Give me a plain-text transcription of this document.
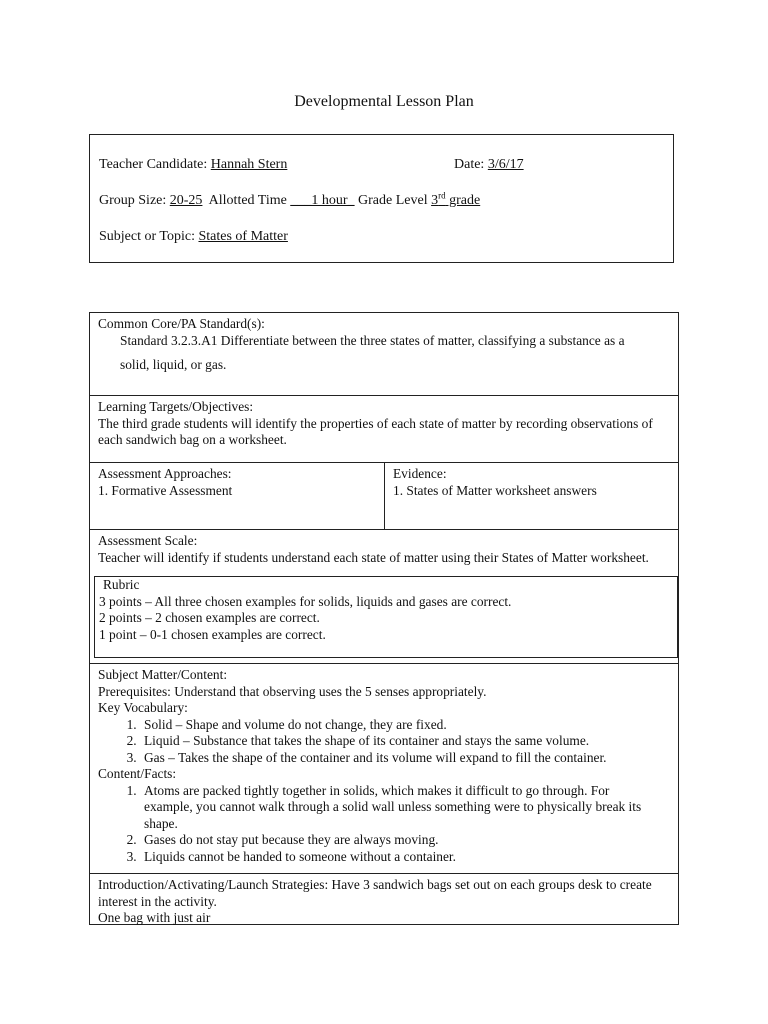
Developmental Lesson Plan
Teacher Candidate: Hannah Stern	Date: 3/6/17
Group Size: 20-25  Allotted Time ___1 hour_ Grade Level 3rd grade
Subject or Topic: States of Matter
Common Core/PA Standard(s):
Standard 3.2.3.A1 Differentiate between the three states of matter, classifying a substance as a
solid, liquid, or gas.
Learning Targets/Objectives:
The third grade students will identify the properties of each state of matter by recording observations of each sandwich bag on a worksheet.
Assessment Approaches:
1. Formative Assessment
Evidence:
1. States of Matter worksheet answers
Assessment Scale:
Teacher will identify if students understand each state of matter using their States of Matter worksheet.
Rubric
3 points – All three chosen examples for solids, liquids and gases are correct.
2 points – 2 chosen examples are correct.
1 point – 0-1 chosen examples are correct.
Subject Matter/Content:
Prerequisites: Understand that observing uses the 5 senses appropriately.
Key Vocabulary:
1. Solid – Shape and volume do not change, they are fixed.
2. Liquid – Substance that takes the shape of its container and stays the same volume.
3. Gas – Takes the shape of the container and its volume will expand to fill the container.
Content/Facts:
1. Atoms are packed tightly together in solids, which makes it difficult to go through. For example, you cannot walk through a solid wall unless something were to physically break its shape.
2. Gases do not stay put because they are always moving.
3. Liquids cannot be handed to someone without a container.
Introduction/Activating/Launch Strategies: Have 3 sandwich bags set out on each groups desk to create interest in the activity.
One bag with just air
